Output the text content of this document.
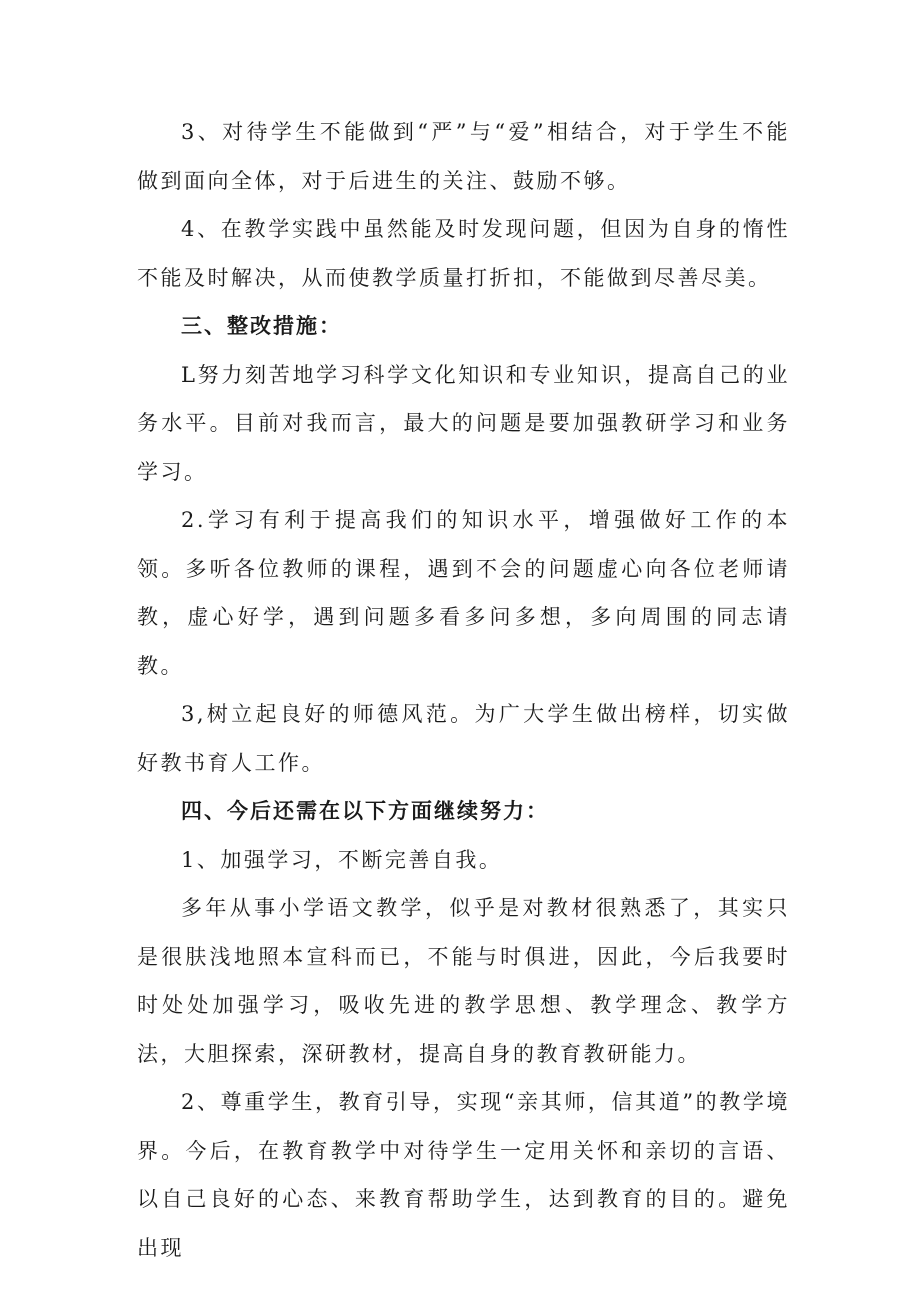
3、对待学生不能做到“严”与“爱”相结合，对于学生不能做到面向全体，对于后进生的关注、鼓励不够。

4、在教学实践中虽然能及时发现问题，但因为自身的惰性不能及时解决，从而使教学质量打折扣，不能做到尽善尽美。

三、整改措施：

L努力刻苦地学习科学文化知识和专业知识，提高自己的业务水平。目前对我而言，最大的问题是要加强教研学习和业务学习。

2.学习有利于提高我们的知识水平，增强做好工作的本领。多听各位教师的课程，遇到不会的问题虚心向各位老师请教，虚心好学，遇到问题多看多问多想，多向周围的同志请教。

3,树立起良好的师德风范。为广大学生做出榜样，切实做好教书育人工作。

四、今后还需在以下方面继续努力：

1、加强学习，不断完善自我。

多年从事小学语文教学，似乎是对教材很熟悉了，其实只是很肤浅地照本宣科而已，不能与时俱进，因此，今后我要时时处处加强学习，吸收先进的教学思想、教学理念、教学方法，大胆探索，深研教材，提高自身的教育教研能力。

2、尊重学生，教育引导，实现“亲其师，信其道”的教学境界。今后，在教育教学中对待学生一定用关怀和亲切的言语、以自己良好的心态、来教育帮助学生，达到教育的目的。避免出现
